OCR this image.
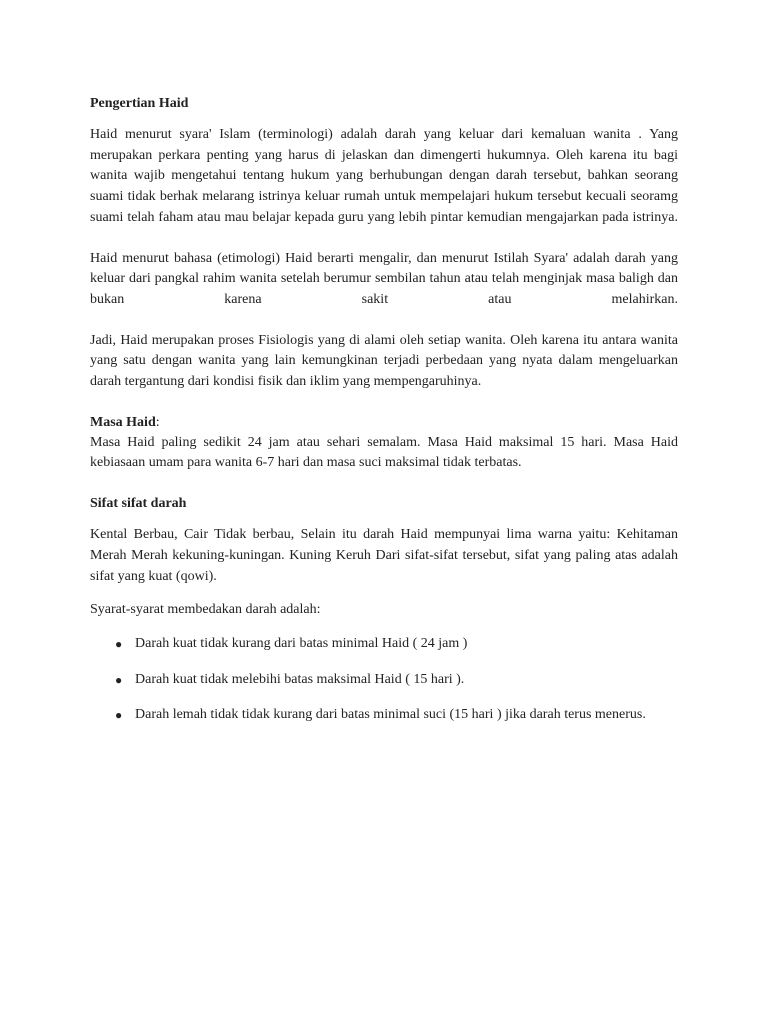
Pengertian Haid

Haid menurut syara' Islam (terminologi) adalah darah yang keluar dari kemaluan wanita . Yang merupakan perkara penting yang harus di jelaskan dan dimengerti hukumnya. Oleh karena itu bagi wanita wajib mengetahui tentang hukum yang berhubungan dengan darah tersebut, bahkan seorang suami tidak berhak melarang istrinya keluar rumah untuk mempelajari hukum tersebut kecuali seoramg suami telah faham atau mau belajar kepada guru yang lebih pintar kemudian mengajarkan pada istrinya.

Haid menurut bahasa (etimologi) Haid berarti mengalir, dan menurut Istilah Syara' adalah darah yang keluar dari pangkal rahim wanita setelah berumur sembilan tahun atau telah menginjak masa baligh dan bukan karena sakit atau melahirkan.

Jadi, Haid merupakan proses Fisiologis yang di alami oleh setiap wanita. Oleh karena itu antara wanita yang satu dengan wanita yang lain kemungkinan terjadi perbedaan yang nyata dalam mengeluarkan darah tergantung dari kondisi fisik dan iklim yang mempengaruhinya.

Masa Haid:

Masa Haid paling sedikit 24 jam atau sehari semalam. Masa Haid maksimal 15 hari. Masa Haid kebiasaan umam para wanita 6-7 hari dan masa suci maksimal tidak terbatas.

Sifat sifat darah

Kental Berbau, Cair Tidak berbau, Selain itu darah Haid mempunyai lima warna yaitu: Kehitaman Merah Merah kekuning-kuningan. Kuning Keruh Dari sifat-sifat tersebut, sifat yang paling atas adalah sifat yang kuat (qowi).

Syarat-syarat membedakan darah adalah:

● Darah kuat tidak kurang dari batas minimal Haid ( 24 jam )
● Darah kuat tidak melebihi batas maksimal Haid ( 15 hari ).
● Darah lemah tidak tidak kurang dari batas minimal suci (15 hari ) jika darah terus menerus.
